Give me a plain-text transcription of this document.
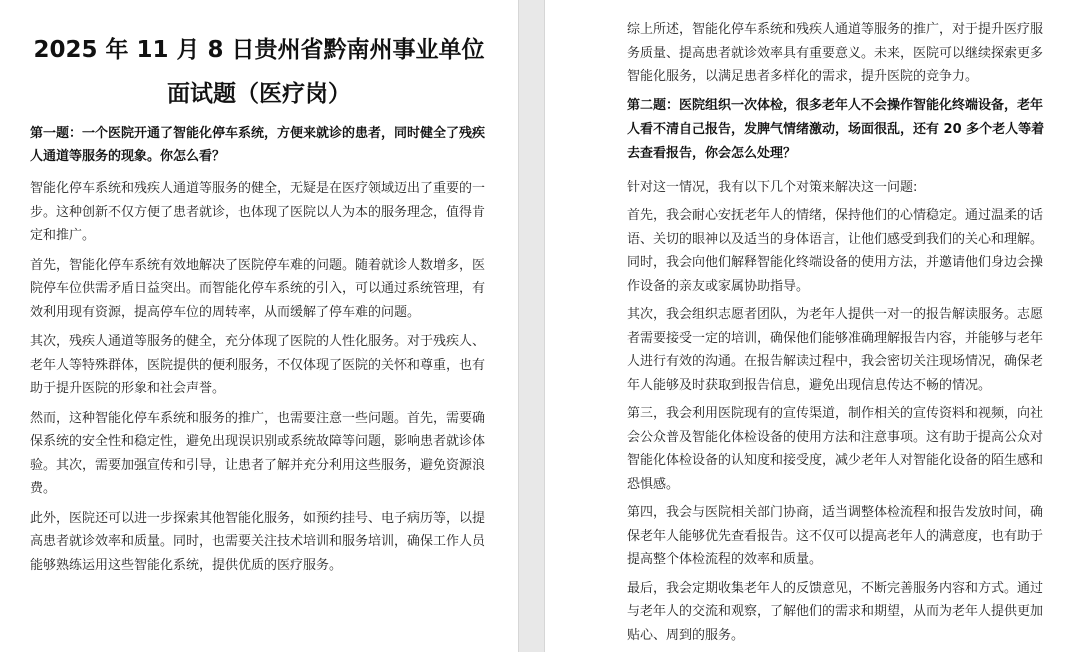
2025 年 11 月 8 日贵州省黔南州事业单位面试题（医疗岗）
第一题：一个医院开通了智能化停车系统，方便来就诊的患者，同时健全了残疾人通道等服务的现象。你怎么看？
智能化停车系统和残疾人通道等服务的健全，无疑是在医疗领域迈出了重要的一步。这种创新不仅方便了患者就诊，也体现了医院以人为本的服务理念，值得肯定和推广。
首先，智能化停车系统有效地解决了医院停车难的问题。随着就诊人数增多，医院停车位供需矛盾日益突出。而智能化停车系统的引入，可以通过系统管理，有效利用现有资源，提高停车位的周转率，从而缓解了停车难的问题。
其次，残疾人通道等服务的健全，充分体现了医院的人性化服务。对于残疾人、老年人等特殊群体，医院提供的便利服务，不仅体现了医院的关怀和尊重，也有助于提升医院的形象和社会声誉。
然而，这种智能化停车系统和服务的推广，也需要注意一些问题。首先，需要确保系统的安全性和稳定性，避免出现误识别或系统故障等问题，影响患者就诊体验。其次，需要加强宣传和引导，让患者了解并充分利用这些服务，避免资源浪费。
此外，医院还可以进一步探索其他智能化服务，如预约挂号、电子病历等，以提高患者就诊效率和质量。同时，也需要关注技术培训和服务培训，确保工作人员能够熟练运用这些智能化系统，提供优质的医疗服务。
综上所述，智能化停车系统和残疾人通道等服务的推广，对于提升医疗服务质量、提高患者就诊效率具有重要意义。未来，医院可以继续探索更多智能化服务，以满足患者多样化的需求，提升医院的竞争力。
第二题：医院组织一次体检，很多老年人不会操作智能化终端设备，老年人看不清自己报告，发脾气情绪激动，场面很乱，还有 20 多个老人等着去查看报告，你会怎么处理？
针对这一情况，我有以下几个对策来解决这一问题:
首先，我会耐心安抚老年人的情绪，保持他们的心情稳定。通过温柔的话语、关切的眼神以及适当的身体语言，让他们感受到我们的关心和理解。同时，我会向他们解释智能化终端设备的使用方法，并邀请他们身边会操作设备的亲友或家属协助指导。
其次，我会组织志愿者团队，为老年人提供一对一的报告解读服务。志愿者需要接受一定的培训，确保他们能够准确理解报告内容，并能够与老年人进行有效的沟通。在报告解读过程中，我会密切关注现场情况，确保老年人能够及时获取到报告信息，避免出现信息传达不畅的情况。
第三，我会利用医院现有的宣传渠道，制作相关的宣传资料和视频，向社会公众普及智能化体检设备的使用方法和注意事项。这有助于提高公众对智能化体检设备的认知度和接受度，减少老年人对智能化设备的陌生感和恐惧感。
第四，我会与医院相关部门协商，适当调整体检流程和报告发放时间，确保老年人能够优先查看报告。这不仅可以提高老年人的满意度，也有助于提高整个体检流程的效率和质量。
最后，我会定期收集老年人的反馈意见，不断完善服务内容和方式。通过与老年人的交流和观察，了解他们的需求和期望，从而为老年人提供更加贴心、周到的服务。
